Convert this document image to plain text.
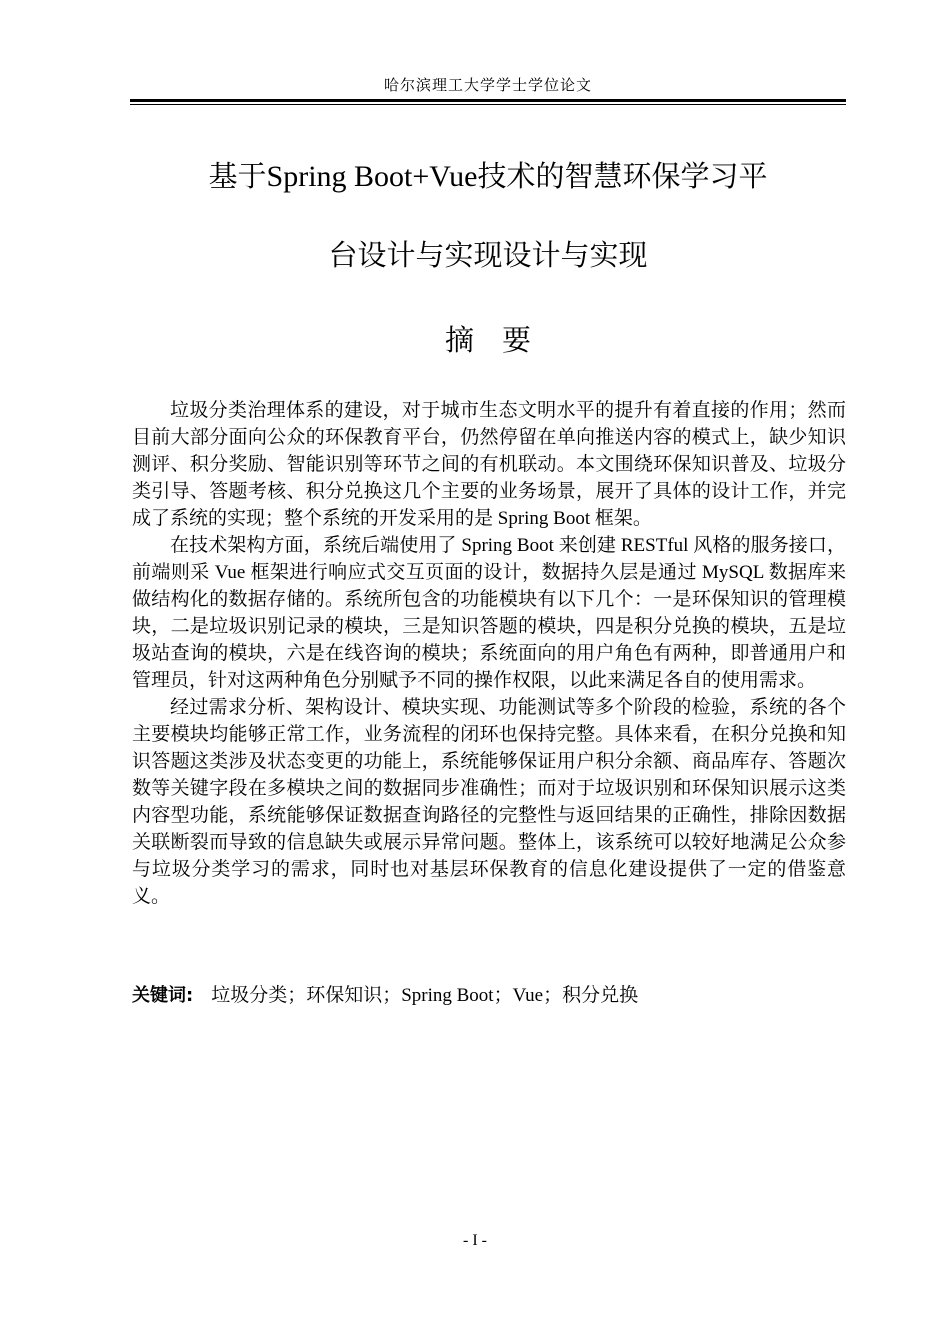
哈尔滨理工大学学士学位论文
基于Spring Boot+Vue技术的智慧环保学习平
台设计与实现设计与实现
摘要

垃圾分类治理体系的建设，对于城市生态文明水平的提升有着直接的作用；然而目前大部分面向公众的环保教育平台，仍然停留在单向推送内容的模式上，缺少知识测评、积分奖励、智能识别等环节之间的有机联动。本文围绕环保知识普及、垃圾分类引导、答题考核、积分兑换这几个主要的业务场景，展开了具体的设计工作，并完成了系统的实现；整个系统的开发采用的是 Spring Boot 框架。

在技术架构方面，系统后端使用了 Spring Boot 来创建 RESTful 风格的服务接口，前端则采 Vue 框架进行响应式交互页面的设计，数据持久层是通过 MySQL 数据库来做结构化的数据存储的。系统所包含的功能模块有以下几个：一是环保知识的管理模块，二是垃圾识别记录的模块，三是知识答题的模块，四是积分兑换的模块，五是垃圾站查询的模块，六是在线咨询的模块；系统面向的用户角色有两种，即普通用户和管理员，针对这两种角色分别赋予不同的操作权限，以此来满足各自的使用需求。

经过需求分析、架构设计、模块实现、功能测试等多个阶段的检验，系统的各个主要模块均能够正常工作，业务流程的闭环也保持完整。具体来看，在积分兑换和知识答题这类涉及状态变更的功能上，系统能够保证用户积分余额、商品库存、答题次数等关键字段在多模块之间的数据同步准确性；而对于垃圾识别和环保知识展示这类内容型功能，系统能够保证数据查询路径的完整性与返回结果的正确性，排除因数据关联断裂而导致的信息缺失或展示异常问题。整体上，该系统可以较好地满足公众参与垃圾分类学习的需求，同时也对基层环保教育的信息化建设提供了一定的借鉴意义。

关键词: 垃圾分类；环保知识；Spring Boot；Vue；积分兑换
- I -
